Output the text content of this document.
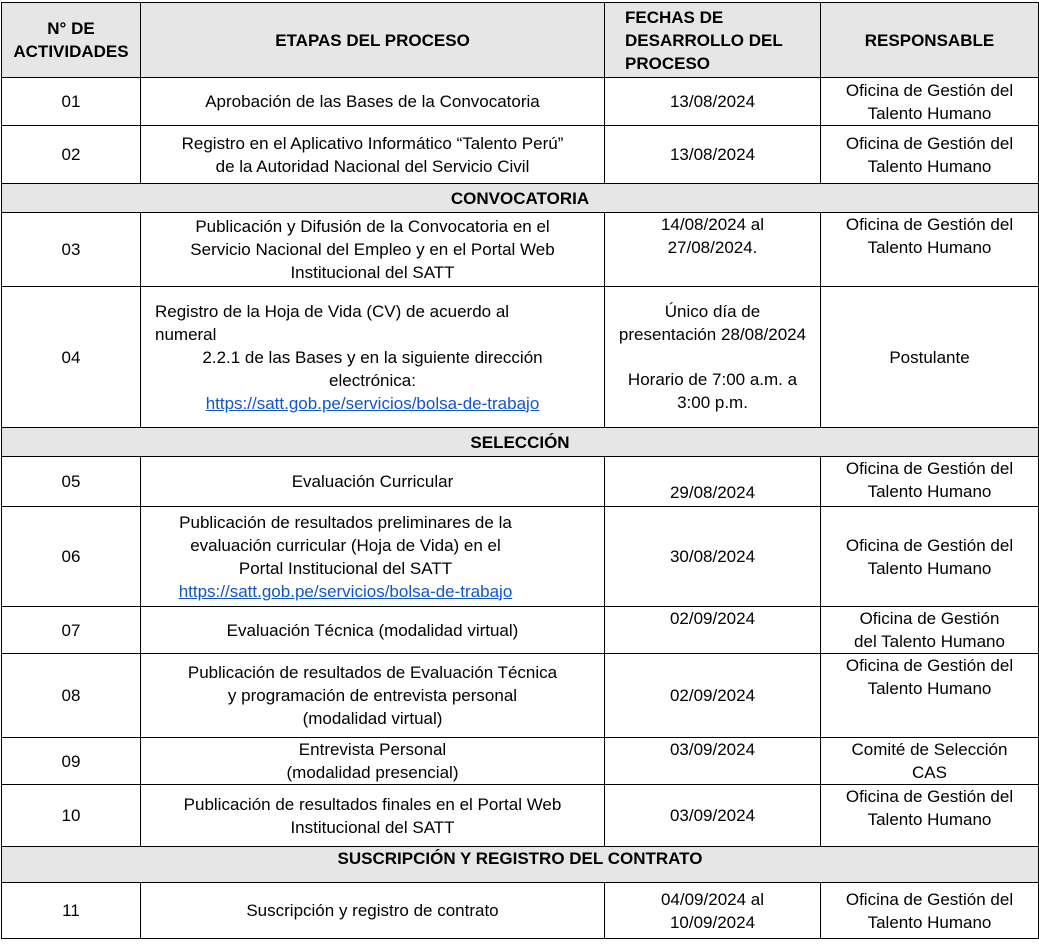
N° DE
ACTIVIDADES	ETAPAS DEL PROCESO	FECHAS DE
DESARROLLO DEL
PROCESO	RESPONSABLE
01	Aprobación de las Bases de la Convocatoria	13/08/2024	Oficina de Gestión del
Talento Humano

02	Registro en el Aplicativo Informático “Talento Perú”
de la Autoridad Nacional del Servicio Civil	13/08/2024	Oficina de Gestión del
Talento Humano

CONVOCATORIA			
03	Publicación y Difusión de la Convocatoria en el
Servicio Nacional del Empleo y en el Portal Web
Institucional del SATT	14/08/2024 al
27/08/2024.	Oficina de Gestión del
Talento Humano

04	Registro de la Hoja de Vida (CV) de acuerdo al
numeral
2.2.1 de las Bases y en la siguiente dirección
electrónica:
https://satt.gob.pe/servicios/bolsa-de-trabajo	Único día de
presentación 28/08/2024
Horario de 7:00 a.m. a
3:00 p.m.	Postulante

SELECCIÓN			
05	Evaluación Curricular	29/08/2024	Oficina de Gestión del
Talento Humano

06	Publicación de resultados preliminares de la
evaluación curricular (Hoja de Vida) en el
Portal Institucional del SATT
https://satt.gob.pe/servicios/bolsa-de-trabajo	30/08/2024	Oficina de Gestión del
Talento Humano

07	Evaluación Técnica (modalidad virtual)	02/09/2024	Oficina de Gestión
del Talento Humano

08	Publicación de resultados de Evaluación Técnica
y programación de entrevista personal
(modalidad virtual)	02/09/2024	Oficina de Gestión del
Talento Humano

09	Entrevista Personal
(modalidad presencial)	03/09/2024	Comité de Selección
CAS

10	Publicación de resultados finales en el Portal Web
Institucional del SATT	03/09/2024	Oficina de Gestión del
Talento Humano

SUSCRIPCIÓN Y REGISTRO DEL CONTRATO			
11	Suscripción y registro de contrato	04/09/2024 al
10/09/2024	Oficina de Gestión del
Talento Humano
